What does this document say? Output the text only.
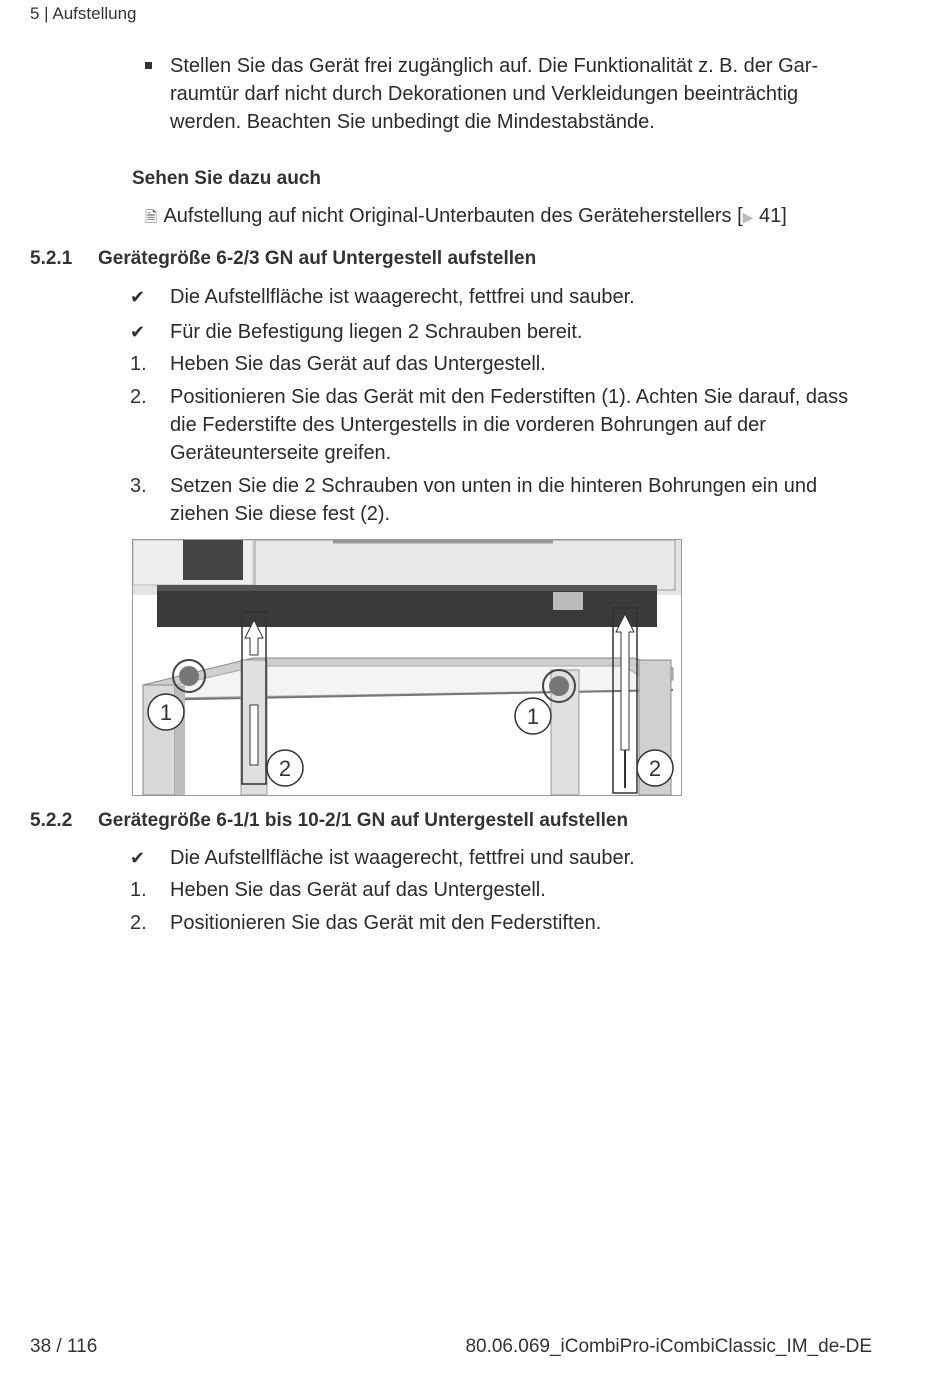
5 | Aufstellung
Stellen Sie das Gerät frei zugänglich auf. Die Funktionalität z. B. der Garraumtür darf nicht durch Dekorationen und Verkleidungen beeinträchtig werden. Beachten Sie unbedingt die Mindestabstände.
Sehen Sie dazu auch
🗎 Aufstellung auf nicht Original-Unterbauten des Geräteherstellers [▶ 41]
5.2.1 Gerätegröße 6-2/3 GN auf Untergestell aufstellen
✔	Die Aufstellfläche ist waagerecht, fettfrei und sauber.
✔	Für die Befestigung liegen 2 Schrauben bereit.
1.	Heben Sie das Gerät auf das Untergestell.
2.	Positionieren Sie das Gerät mit den Federstiften (1). Achten Sie darauf, dass die Federstifte des Untergestells in die vorderen Bohrungen auf der Geräteunterseite greifen.
3.	Setzen Sie die 2 Schrauben von unten in die hinteren Bohrungen ein und ziehen Sie diese fest (2).
1	1
2	2
5.2.2 Gerätegröße 6-1/1 bis 10-2/1 GN auf Untergestell aufstellen
✔	Die Aufstellfläche ist waagerecht, fettfrei und sauber.
1.	Heben Sie das Gerät auf das Untergestell.
2.	Positionieren Sie das Gerät mit den Federstiften.
38 / 116	80.06.069_iCombiPro-iCombiClassic_IM_de-DE
